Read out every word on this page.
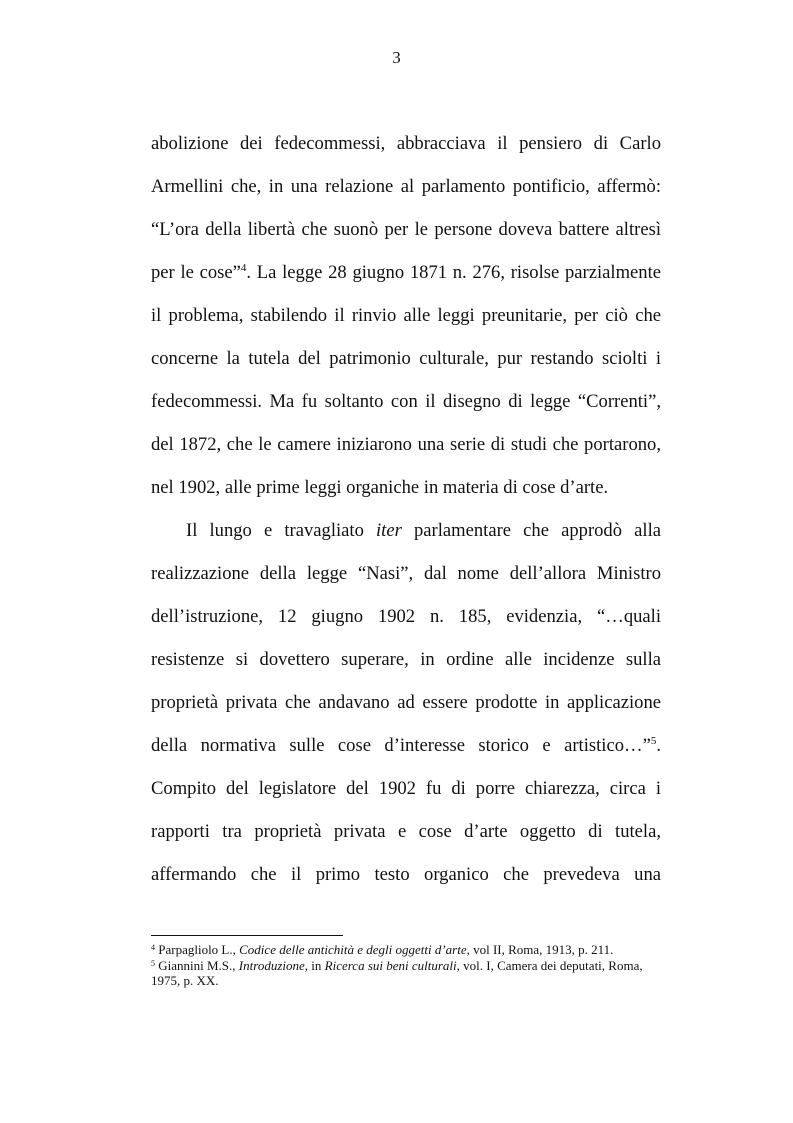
3
abolizione dei fedecommessi, abbracciava il pensiero di Carlo
Armellini che, in una relazione al parlamento pontificio, affermò:
“L’ora della libertà che suonò per le persone doveva battere altresì
per le cose”$^4$. La legge 28 giugno 1871 n. 276, risolse parzialmente
il problema, stabilendo il rinvio alle leggi preunitarie, per ciò che
concerne la tutela del patrimonio culturale, pur restando sciolti i
fedecommessi. Ma fu soltanto con il disegno di legge “Correnti”,
del 1872, che le camere iniziarono una serie di studi che portarono,
nel 1902, alle prime leggi organiche in materia di cose d’arte.
Il lungo e travagliato iter parlamentare che approdò alla
realizzazione della legge “Nasi”, dal nome dell’allora Ministro
dell’istruzione, 12 giugno 1902 n. 185, evidenzia, “…quali
resistenze si dovettero superare, in ordine alle incidenze sulla
proprietà privata che andavano ad essere prodotte in applicazione
della normativa sulle cose d’interesse storico e artistico…”$^5$.
Compito del legislatore del 1902 fu di porre chiarezza, circa i
rapporti tra proprietà privata e cose d’arte oggetto di tutela,
affermando che il primo testo organico che prevedeva una
$^4$ Parpagliolo L., Codice delle antichità e degli oggetti d’arte, vol II, Roma, 1913, p. 211.
$^5$ Giannini M.S., Introduzione, in Ricerca sui beni culturali, vol. I, Camera dei deputati, Roma,
1975, p. XX.
